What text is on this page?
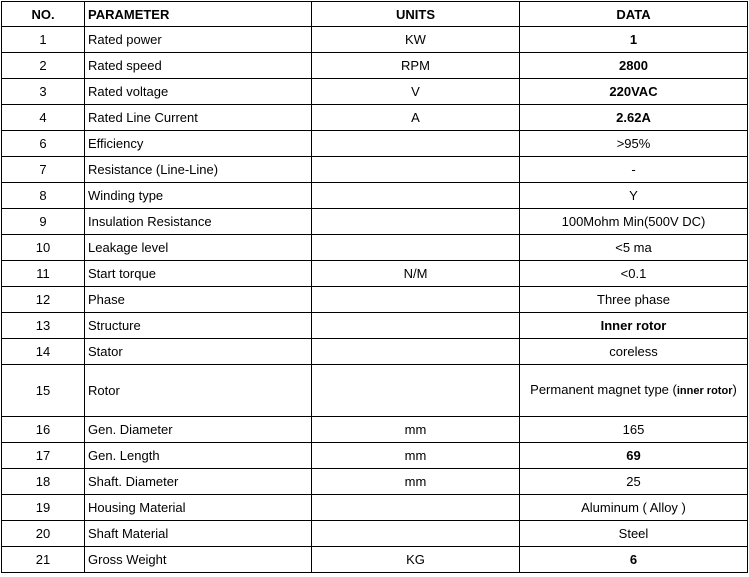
NO.	PARAMETER	UNITS	DATA
1	Rated power	KW	1
2	Rated speed	RPM	2800
3	Rated voltage	V	220VAC
4	Rated Line Current	A	2.62A
6	Efficiency		>95%
7	Resistance (Line-Line)		-
8	Winding type		Y
9	Insulation Resistance		100Mohm Min(500V DC)
10	Leakage level		<5 ma
11	Start torque	N/M	<0.1
12	Phase		Three phase
13	Structure		Inner rotor
14	Stator		coreless
15	Rotor		Permanent magnet type (inner rotor)
16	Gen. Diameter	mm	165
17	Gen. Length	mm	69
18	Shaft. Diameter	mm	25
19	Housing Material		Aluminum ( Alloy )
20	Shaft Material		Steel
21	Gross Weight	KG	6
